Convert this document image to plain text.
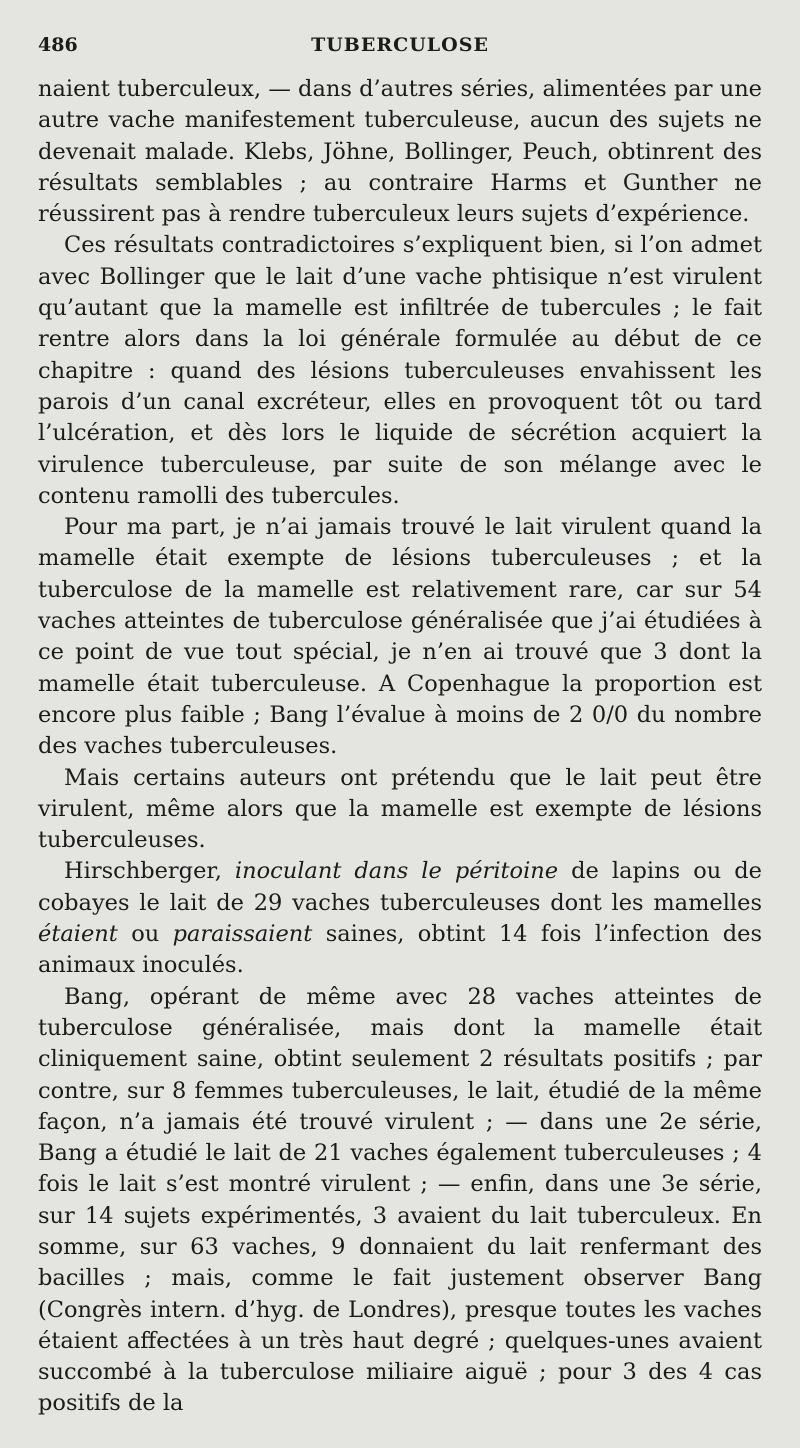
486	TUBERCULOSE

naient tuberculeux, — dans d’autres séries, alimentées par une autre vache manifestement tuberculeuse, aucun des sujets ne devenait malade. Klebs, Jöhne, Bollinger, Peuch, obtinrent des résultats semblables ; au contraire Harms et Gunther ne réussirent pas à rendre tuberculeux leurs sujets d’expérience.

Ces résultats contradictoires s’expliquent bien, si l’on admet avec Bollinger que le lait d’une vache phtisique n’est virulent qu’autant que la mamelle est infiltrée de tubercules ; le fait rentre alors dans la loi générale formulée au début de ce chapitre : quand des lésions tuberculeuses envahissent les parois d’un canal excréteur, elles en provoquent tôt ou tard l’ulcération, et dès lors le liquide de sécrétion acquiert la virulence tuberculeuse, par suite de son mélange avec le contenu ramolli des tubercules.

Pour ma part, je n’ai jamais trouvé le lait virulent quand la mamelle était exempte de lésions tuberculeuses ; et la tuberculose de la mamelle est relativement rare, car sur 54 vaches atteintes de tuberculose généralisée que j’ai étudiées à ce point de vue tout spécial, je n’en ai trouvé que 3 dont la mamelle était tuberculeuse. A Copenhague la proportion est encore plus faible ; Bang l’évalue à moins de 2 0/0 du nombre des vaches tuberculeuses.

Mais certains auteurs ont prétendu que le lait peut être virulent, même alors que la mamelle est exempte de lésions tuberculeuses.

Hirschberger, inoculant dans le péritoine de lapins ou de cobayes le lait de 29 vaches tuberculeuses dont les mamelles étaient ou paraissaient saines, obtint 14 fois l’infection des animaux inoculés.

Bang, opérant de même avec 28 vaches atteintes de tuberculose généralisée, mais dont la mamelle était cliniquement saine, obtint seulement 2 résultats positifs ; par contre, sur 8 femmes tuberculeuses, le lait, étudié de la même façon, n’a jamais été trouvé virulent ; — dans une 2e série, Bang a étudié le lait de 21 vaches également tuberculeuses ; 4 fois le lait s’est montré virulent ; — enfin, dans une 3e série, sur 14 sujets expérimentés, 3 avaient du lait tuberculeux. En somme, sur 63 vaches, 9 donnaient du lait renfermant des bacilles ; mais, comme le fait justement observer Bang (Congrès intern. d’hyg. de Londres), presque toutes les vaches étaient affectées à un très haut degré ; quelques-unes avaient succombé à la tuberculose miliaire aiguë ; pour 3 des 4 cas positifs de la
